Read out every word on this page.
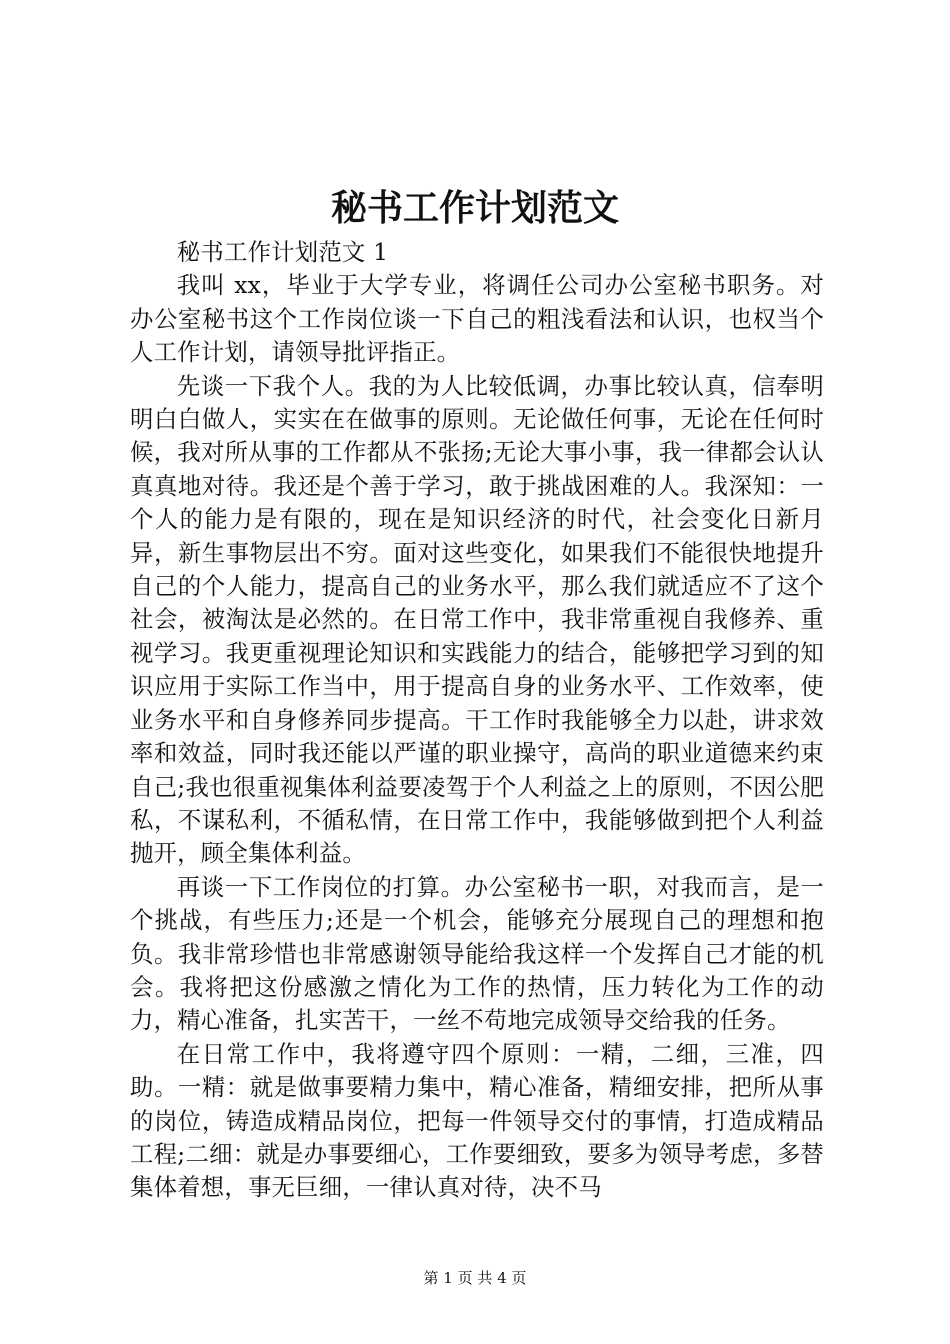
秘书工作计划范文

秘书工作计划范文 1

我叫 xx，毕业于大学专业，将调任公司办公室秘书职务。对办公室秘书这个工作岗位谈一下自己的粗浅看法和认识，也权当个人工作计划，请领导批评指正。

先谈一下我个人。我的为人比较低调，办事比较认真，信奉明明白白做人，实实在在做事的原则。无论做任何事，无论在任何时候，我对所从事的工作都从不张扬;无论大事小事，我一律都会认认真真地对待。我还是个善于学习，敢于挑战困难的人。我深知：一个人的能力是有限的，现在是知识经济的时代，社会变化日新月异，新生事物层出不穷。面对这些变化，如果我们不能很快地提升自己的个人能力，提高自己的业务水平，那么我们就适应不了这个社会，被淘汰是必然的。在日常工作中，我非常重视自我修养、重视学习。我更重视理论知识和实践能力的结合，能够把学习到的知识应用于实际工作当中，用于提高自身的业务水平、工作效率，使业务水平和自身修养同步提高。干工作时我能够全力以赴，讲求效率和效益，同时我还能以严谨的职业操守，高尚的职业道德来约束自己;我也很重视集体利益要凌驾于个人利益之上的原则，不因公肥私，不谋私利，不循私情，在日常工作中，我能够做到把个人利益抛开，顾全集体利益。

再谈一下工作岗位的打算。办公室秘书一职，对我而言，是一个挑战，有些压力;还是一个机会，能够充分展现自己的理想和抱负。我非常珍惜也非常感谢领导能给我这样一个发挥自己才能的机会。我将把这份感激之情化为工作的热情，压力转化为工作的动力，精心准备，扎实苦干，一丝不苟地完成领导交给我的任务。

在日常工作中，我将遵守四个原则：一精，二细，三准，四助。一精：就是做事要精力集中，精心准备，精细安排，把所从事的岗位，铸造成精品岗位，把每一件领导交付的事情，打造成精品工程;二细：就是办事要细心，工作要细致，要多为领导考虑，多替集体着想，事无巨细，一律认真对待，决不马

第 1 页 共 4 页
